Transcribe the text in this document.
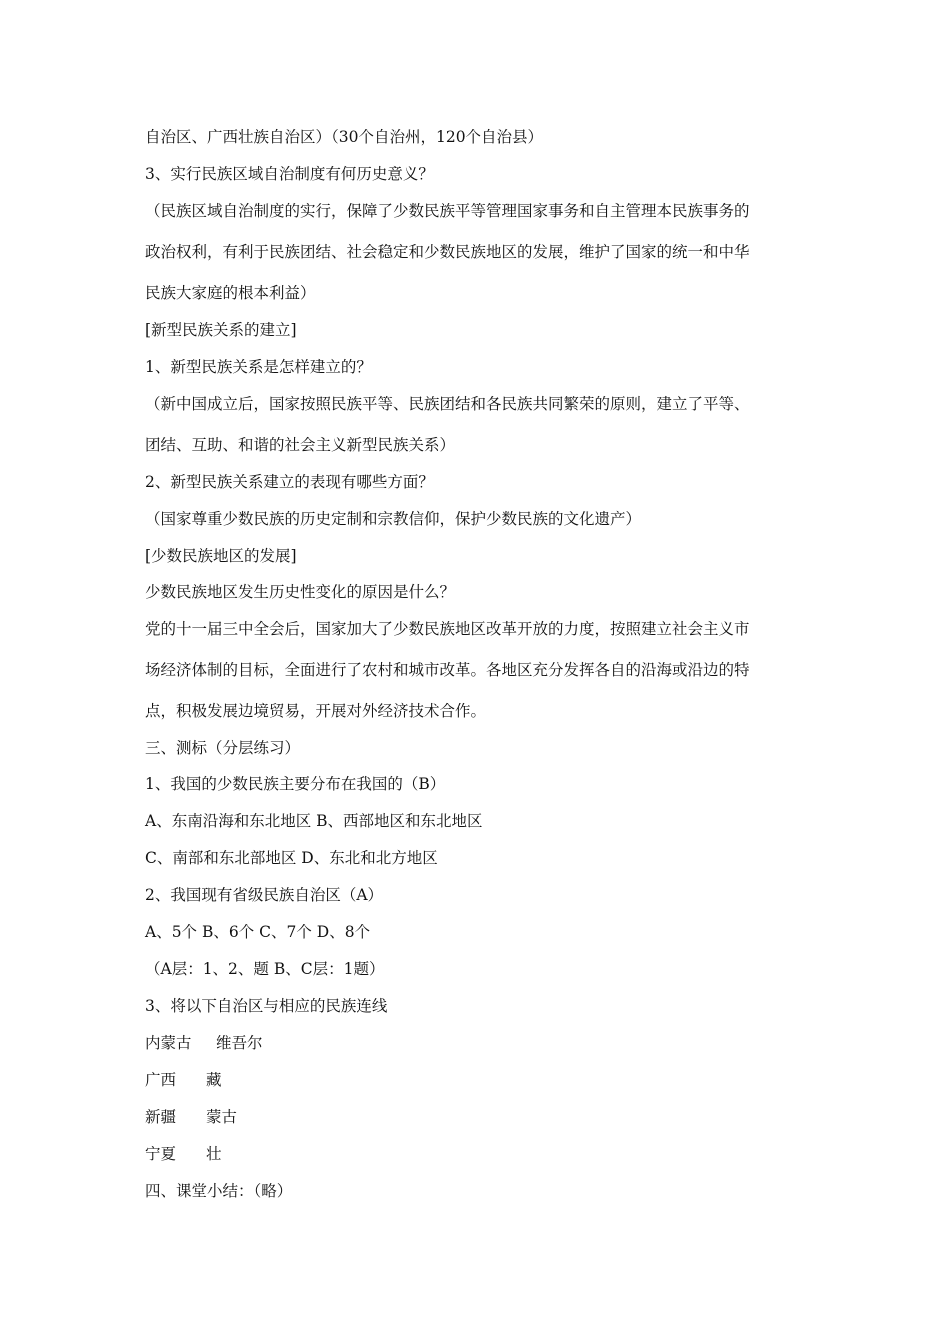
自治区、广西壮族自治区）（30个自治州，120个自治县）
3、实行民族区域自治制度有何历史意义？
（民族区域自治制度的实行，保障了少数民族平等管理国家事务和自主管理本民族事务的
政治权利，有利于民族团结、社会稳定和少数民族地区的发展，维护了国家的统一和中华
民族大家庭的根本利益）
[新型民族关系的建立]
1、新型民族关系是怎样建立的？
（新中国成立后，国家按照民族平等、民族团结和各民族共同繁荣的原则，建立了平等、
团结、互助、和谐的社会主义新型民族关系）
2、新型民族关系建立的表现有哪些方面？
（国家尊重少数民族的历史定制和宗教信仰，保护少数民族的文化遗产）
[少数民族地区的发展]
少数民族地区发生历史性变化的原因是什么？
党的十一届三中全会后，国家加大了少数民族地区改革开放的力度，按照建立社会主义市
场经济体制的目标，全面进行了农村和城市改革。各地区充分发挥各自的沿海或沿边的特
点，积极发展边境贸易，开展对外经济技术合作。
三、测标（分层练习）
1、我国的少数民族主要分布在我国的（B）
A、东南沿海和东北地区 B、西部地区和东北地区
C、南部和东北部地区 D、东北和北方地区
2、我国现有省级民族自治区（A）
A、5个 B、6个 C、7个 D、8个
（A层：1、2、题 B、C层：1题）
3、将以下自治区与相应的民族连线
内蒙古 维吾尔
广西 藏
新疆 蒙古
宁夏 壮
四、课堂小结：（略）
